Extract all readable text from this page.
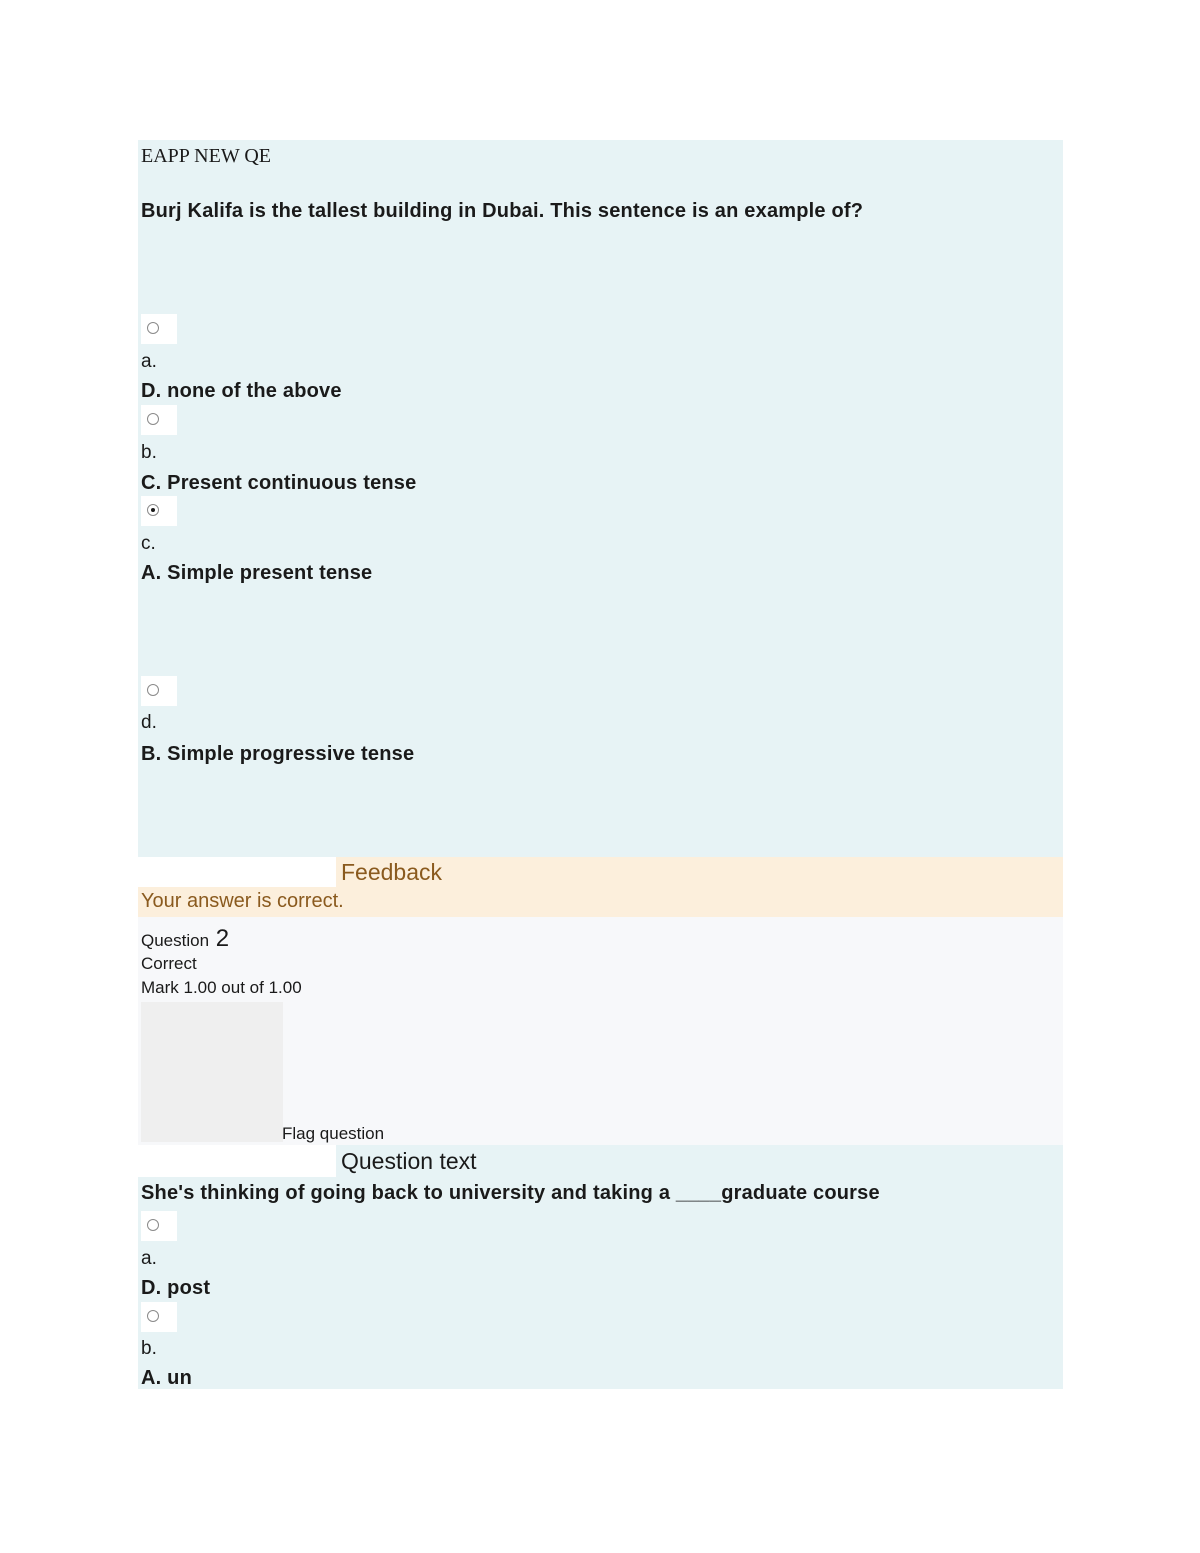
EAPP NEW QE
Burj Kalifa is the tallest building in Dubai. This sentence is an example of?
a.
D. none of the above
b.
C. Present continuous tense
c.
A. Simple present tense
d.
B. Simple progressive tense
Feedback
Your answer is correct.
Question 2
Correct
Mark 1.00 out of 1.00
Flag question
Question text
She's thinking of going back to university and taking a ____graduate course
a.
D. post
b.
A. un
